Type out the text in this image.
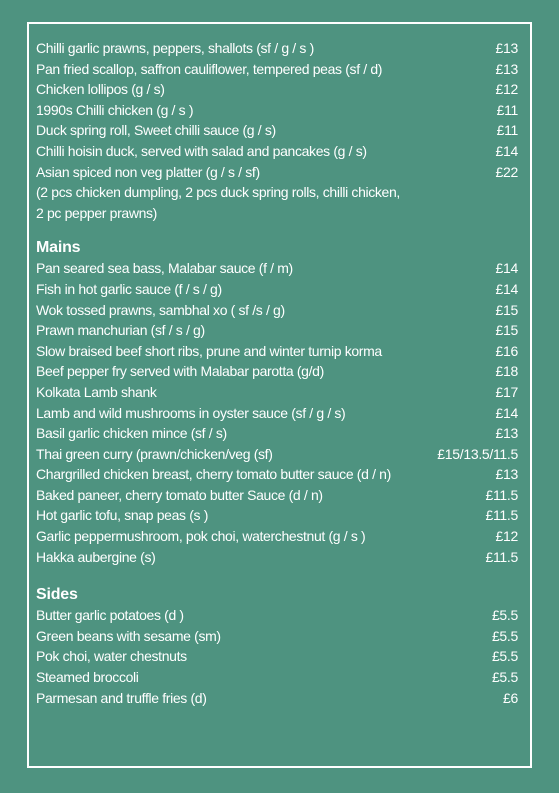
Chilli garlic prawns, peppers, shallots (sf / g / s )	£13
Pan fried scallop, saffron cauliflower, tempered peas (sf / d)	£13
Chicken lollipos (g / s)	£12
1990s Chilli chicken (g / s )	£11
Duck spring roll, Sweet chilli sauce (g / s)	£11
Chilli hoisin duck, served with salad and pancakes (g / s)	£14
Asian spiced non veg platter (g / s / sf)	£22
(2 pcs chicken dumpling, 2 pcs duck spring rolls, chilli chicken,
2 pc pepper prawns)
Mains
Pan seared sea bass, Malabar sauce (f / m)	£14
Fish in hot garlic sauce (f / s / g)	£14
Wok tossed prawns, sambhal xo ( sf /s / g)	£15
Prawn manchurian (sf / s / g)	£15
Slow braised beef short ribs, prune and winter turnip korma	£16
Beef pepper fry served with Malabar parotta (g/d)	£18
Kolkata Lamb shank	£17
Lamb and wild mushrooms in oyster sauce (sf / g / s)	£14
Basil garlic chicken mince (sf / s)	£13
Thai green curry (prawn/chicken/veg (sf)	£15/13.5/11.5
Chargrilled chicken breast, cherry tomato butter sauce (d / n)	£13
Baked paneer, cherry tomato butter Sauce (d / n)	£11.5
Hot garlic tofu, snap peas (s )	£11.5
Garlic peppermushroom, pok choi, waterchestnut (g / s )	£12
Hakka aubergine (s)	£11.5
Sides
Butter garlic potatoes (d )	£5.5
Green beans with sesame (sm)	£5.5
Pok choi, water chestnuts	£5.5
Steamed broccoli	£5.5
Parmesan and truffle fries (d)	£6
